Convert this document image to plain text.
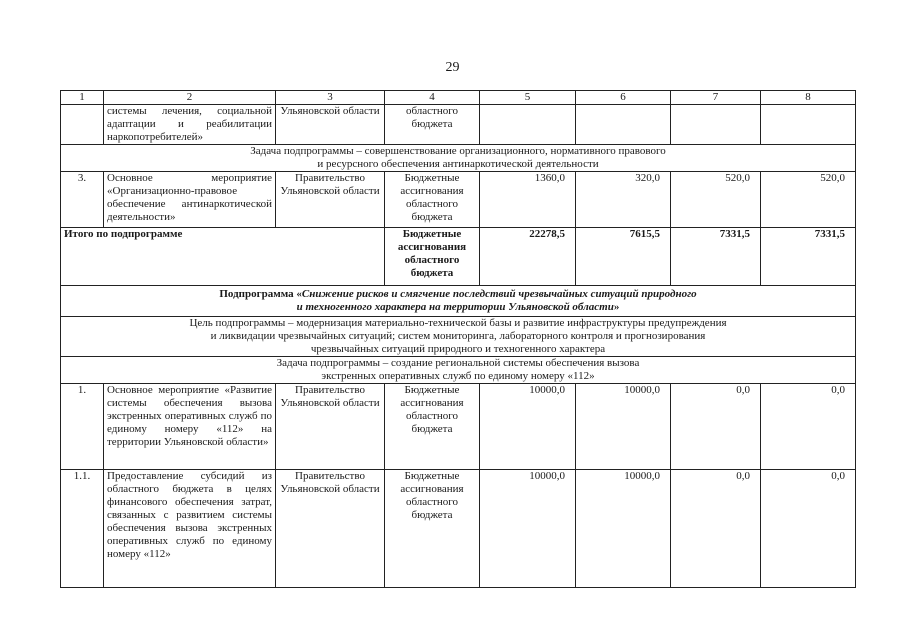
29
1	2	3	4	5	6	7	8
	системы лечения, социальной адаптации и реабилитации наркопотребителей»	Ульяновской области	областного бюджета				

Задача подпрограммы – совершенствование организационного, нормативного правового
и ресурсного обеспечения антинаркотической деятельности							

3.	Основное мероприятие «Организационно-правовое обеспечение антинаркотической деятельности»	Правительство Ульяновской области	Бюджетные ассигнования областного бюджета	1360,0	320,0	520,0	520,0
Итого по подпрограмме			Бюджетные ассигнования областного бюджета	22278,5	7615,5	7331,5	7331,5

Подпрограмма «Снижение рисков и смягчение последствий чрезвычайных ситуаций природного
и техногенного характера на территории Ульяновской области»							

Цель подпрограммы – модернизация материально-технической базы и развитие инфраструктуры предупреждения
и ликвидации чрезвычайных ситуаций; систем мониторинга, лабораторного контроля и прогнозирования
чрезвычайных ситуаций природного и техногенного характера							

Задача подпрограммы – создание региональной системы обеспечения вызова
экстренных оперативных служб по единому номеру «112»							

1.	Основное мероприятие «Развитие системы обеспечения вызова экстренных оперативных служб по единому номеру «112» на территории Ульяновской области»	Правительство Ульяновской области	Бюджетные ассигнования областного бюджета	10000,0	10000,0	0,0	0,0
1.1.	Предоставление субсидий из областного бюджета в целях финансового обеспечения затрат, связанных с развитием системы обеспечения вызова экстренных оперативных служб по единому номеру «112»	Правительство Ульяновской области	Бюджетные ассигнования областного бюджета	10000,0	10000,0	0,0	0,0
